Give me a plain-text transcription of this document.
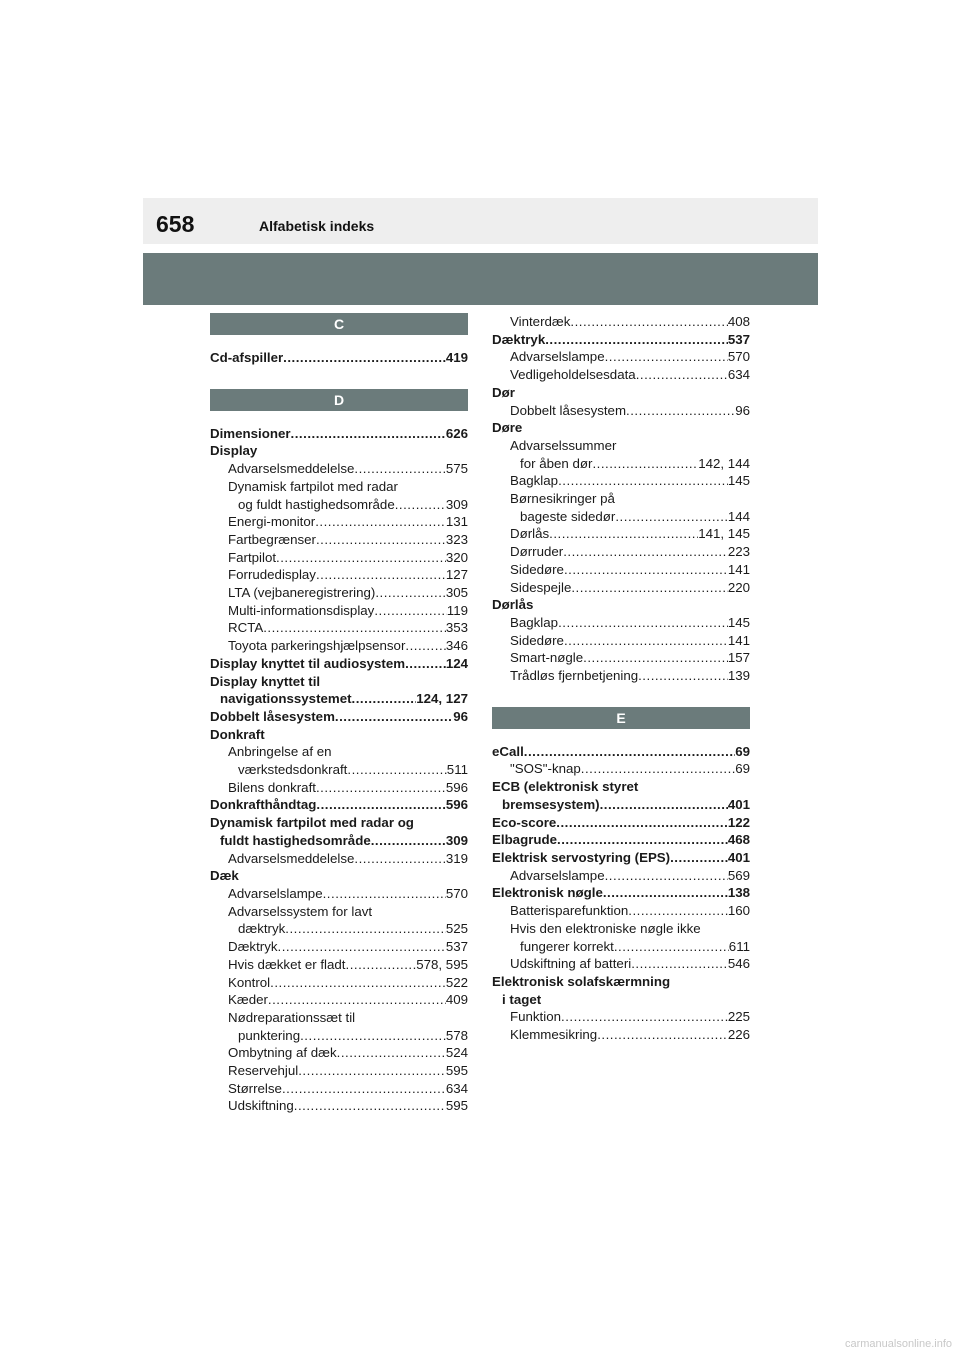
658	Alfabetisk indeks
C
Cd-afspiller .....	419
D
Dimensioner .....	626
Display
Advarselsmeddelelse .....	575
Dynamisk fartpilot med radar
og fuldt hastighedsområde .....	309
Energi-monitor .....	131
Fartbegrænser .....	323
Fartpilot .....	320
Forrudedisplay .....	127
LTA (vejbaneregistrering) .....	305
Multi-informationsdisplay .....	119
RCTA .....	353
Toyota parkeringshjælpsensor .....	346
Display knyttet til audiosystem .....	124
Display knyttet til
navigationssystemet .....	124, 127
Dobbelt låsesystem .....	96
Donkraft
Anbringelse af en
værkstedsdonkraft .....	511
Bilens donkraft .....	596
Donkrafthåndtag .....	596
Dynamisk fartpilot med radar og
fuldt hastighedsområde .....	309
Advarselsmeddelelse .....	319
Dæk
Advarselslampe .....	570
Advarselssystem for lavt
dæktryk .....	525
Dæktryk .....	537
Hvis dækket er fladt .....	578, 595
Kontrol .....	522
Kæder .....	409
Nødreparationssæt til
punktering .....	578
Ombytning af dæk .....	524
Reservehjul .....	595
Størrelse .....	634
Udskiftning .....	595
Vinterdæk .....	408
Dæktryk .....	537
Advarselslampe .....	570
Vedligeholdelsesdata .....	634
Dør
Dobbelt låsesystem .....	96
Døre
Advarselssummer
for åben dør .....	142, 144
Bagklap .....	145
Børnesikringer på
bageste sidedør .....	144
Dørlås .....	141, 145
Dørruder .....	223
Sidedøre .....	141
Sidespejle .....	220
Dørlås
Bagklap .....	145
Sidedøre .....	141
Smart-nøgle .....	157
Trådløs fjernbetjening .....	139
E
eCall .....	69
"SOS"-knap .....	69
ECB (elektronisk styret
bremsesystem) .....	401
Eco-score .....	122
Elbagrude .....	468
Elektrisk servostyring (EPS) .....	401
Advarselslampe .....	569
Elektronisk nøgle .....	138
Batterisparefunktion .....	160
Hvis den elektroniske nøgle ikke
fungerer korrekt .....	611
Udskiftning af batteri .....	546
Elektronisk solafskærmning
i taget
Funktion .....	225
Klemmesikring .....	226
carmanualsonline.info
